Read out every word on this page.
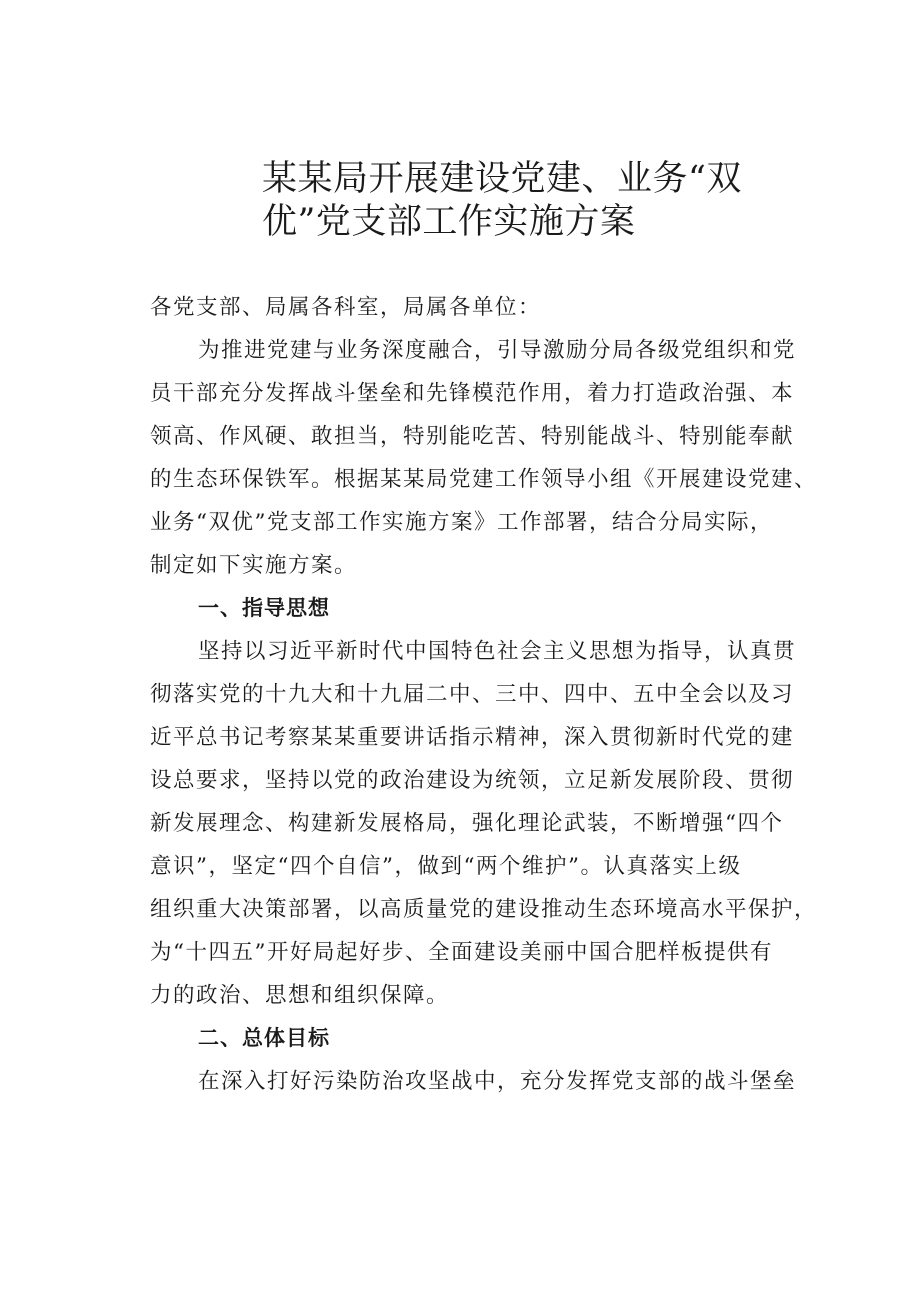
某某局开展建设党建、业务“双
优”党支部工作实施方案
各党支部、局属各科室，局属各单位：
为推进党建与业务深度融合，引导激励分局各级党组织和党
员干部充分发挥战斗堡垒和先锋模范作用，着力打造政治强、本
领高、作风硬、敢担当，特别能吃苦、特别能战斗、特别能奉献
的生态环保铁军。根据某某局党建工作领导小组《开展建设党建、
业务“双优”党支部工作实施方案》工作部署，结合分局实际，
制定如下实施方案。
一、指导思想
坚持以习近平新时代中国特色社会主义思想为指导，认真贯
彻落实党的十九大和十九届二中、三中、四中、五中全会以及习
近平总书记考察某某重要讲话指示精神，深入贯彻新时代党的建
设总要求，坚持以党的政治建设为统领，立足新发展阶段、贯彻
新发展理念、构建新发展格局，强化理论武装，不断增强“四个
意识”，坚定“四个自信”，做到“两个维护”。认真落实上级
组织重大决策部署，以高质量党的建设推动生态环境高水平保护，
为“十四五”开好局起好步、全面建设美丽中国合肥样板提供有
力的政治、思想和组织保障。
二、总体目标
在深入打好污染防治攻坚战中，充分发挥党支部的战斗堡垒
